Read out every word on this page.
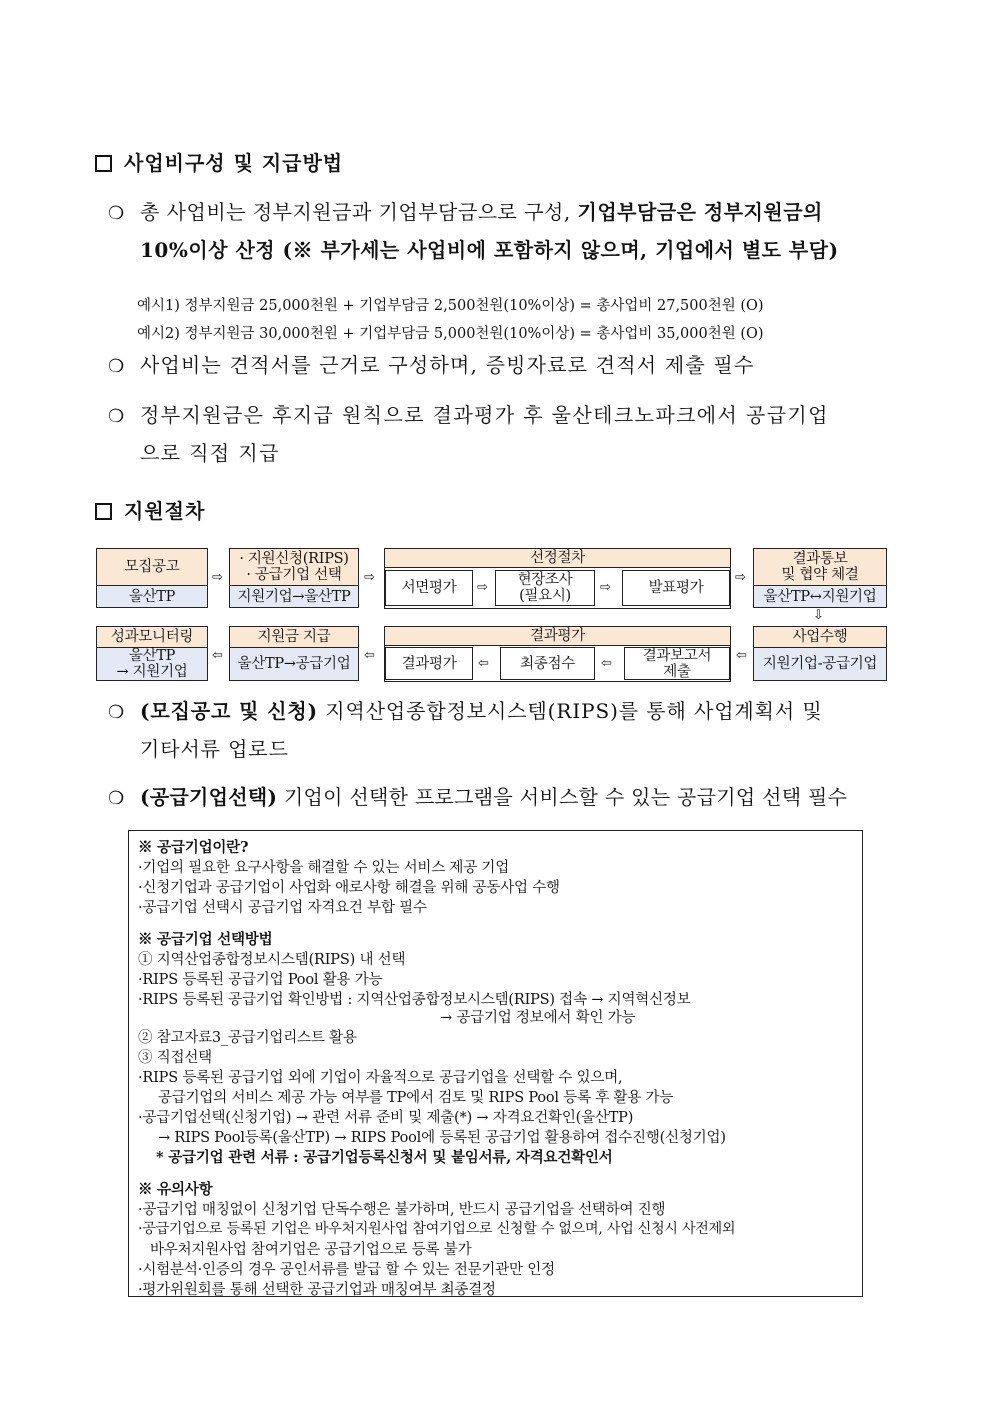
사업비구성 및 지급방법
❍ 총 사업비는 정부지원금과 기업부담금으로 구성, 기업부담금은 정부지원금의
10%이상 산정 (※ 부가세는 사업비에 포함하지 않으며, 기업에서 별도 부담)
예시1) 정부지원금 25,000천원 + 기업부담금 2,500천원(10%이상) = 총사업비 27,500천원 (O)
예시2) 정부지원금 30,000천원 + 기업부담금 5,000천원(10%이상) = 총사업비 35,000천원 (O)
❍ 사업비는 견적서를 근거로 구성하며, 증빙자료로 견적서 제출 필수
❍ 정부지원금은 후지급 원칙으로 결과평가 후 울산테크노파크에서 공급기업
으로 직접 지급
지원절차
모집공고
울산TP
⇨
· 지원신청(RIPS)
· 공급기업 선택
지원기업→울산TP
⇨
선정절차
서면평가	⇨ 현장조사
(필요시)
⇨	발표평가
⇨
결과통보
및 협약 체결
울산TP↔지원기업
⇩
사업수행
지원기업-공급기업
⇦
결과평가
결과평가	⇦	최종점수	⇦ 결과보고서
제출
⇦
지원금 지급
울산TP→공급기업
⇦
성과모니터링
울산TP
→ 지원기업
❍ (모집공고 및 신청) 지역산업종합정보시스템(RIPS)를 통해 사업계획서 및
기타서류 업로드
❍ (공급기업선택) 기업이 선택한 프로그램을 서비스할 수 있는 공급기업 선택 필수
※ 공급기업이란?
·기업의 필요한 요구사항을 해결할 수 있는 서비스 제공 기업
·신청기업과 공급기업이 사업화 애로사항 해결을 위해 공동사업 수행
·공급기업 선택시 공급기업 자격요건 부합 필수
※ 공급기업 선택방법
① 지역산업종합정보시스템(RIPS) 내 선택
·RIPS 등록된 공급기업 Pool 활용 가능
·RIPS 등록된 공급기업 확인방법 : 지역산업종합정보시스템(RIPS) 접속 → 지역혁신정보
→ 공급기업 정보에서 확인 가능
② 참고자료3_공급기업리스트 활용
③ 직접선택
·RIPS 등록된 공급기업 외에 기업이 자율적으로 공급기업을 선택할 수 있으며,
공급기업의 서비스 제공 가능 여부를 TP에서 검토 및 RIPS Pool 등록 후 활용 가능
·공급기업선택(신청기업) → 관련 서류 준비 및 제출(*) → 자격요건확인(울산TP)
→ RIPS Pool등록(울산TP) → RIPS Pool에 등록된 공급기업 활용하여 접수진행(신청기업)
* 공급기업 관련 서류 : 공급기업등록신청서 및 붙임서류, 자격요건확인서
※ 유의사항
·공급기업 매칭없이 신청기업 단독수행은 불가하며, 반드시 공급기업을 선택하여 진행
·공급기업으로 등록된 기업은 바우처지원사업 참여기업으로 신청할 수 없으며, 사업 신청시 사전제외
바우처지원사업 참여기업은 공급기업으로 등록 불가
·시험분석·인증의 경우 공인서류를 발급 할 수 있는 전문기관만 인정
·평가위원회를 통해 선택한 공급기업과 매칭여부 최종결정
